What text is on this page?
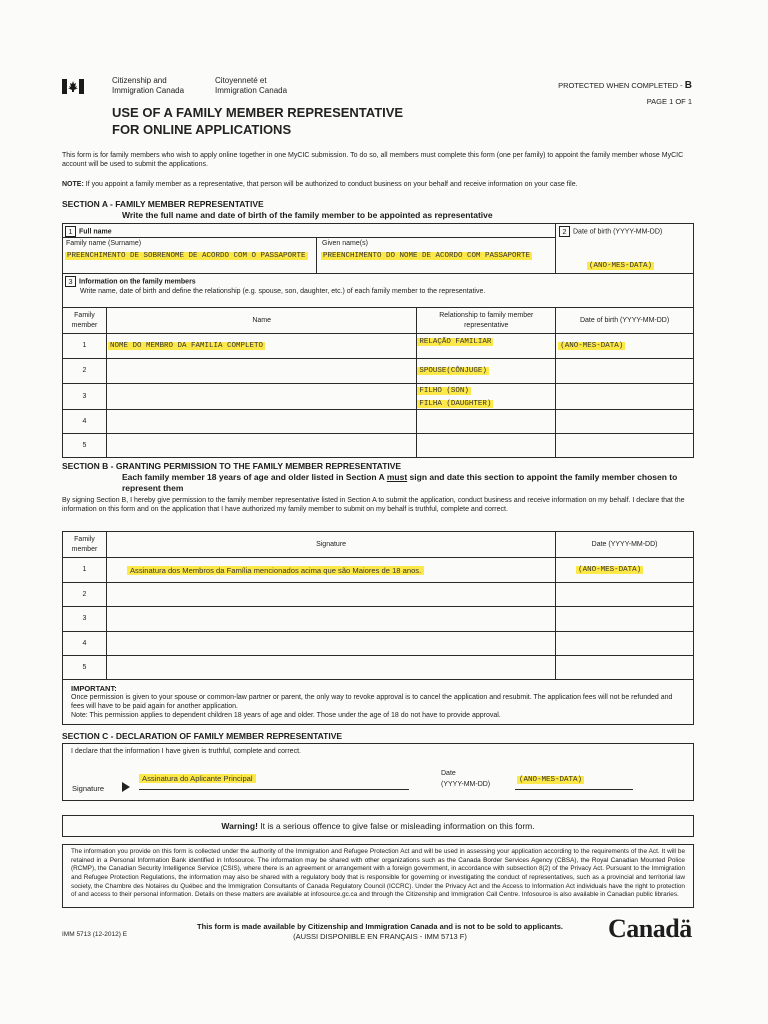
Citizenship and
Immigration Canada
Citoyenneté et
Immigration Canada
PROTECTED WHEN COMPLETED - B
PAGE 1 OF 1
USE OF A FAMILY MEMBER REPRESENTATIVE
FOR ONLINE APPLICATIONS
This form is for family members who wish to apply online together in one MyCIC submission. To do so, all members must complete this form (one per family) to appoint the family member whose MyCIC account will be used to submit the applications.
NOTE: If you appoint a family member as a representative, that person will be authorized to conduct business on your behalf and receive information on your case file.
SECTION A - FAMILY MEMBER REPRESENTATIVE
Write the full name and date of birth of the family member to be appointed as representative
1 Full name
Family name (Surname)
PREENCHIMENTO DE SOBRENOME DE ACORDO COM O PASSAPORTE
Given name(s)
PREENCHIMENTO DO NOME DE ACORDO COM PASSAPORTE
2 Date of birth (YYYY-MM-DD)
(ANO-MES-DATA)
3 Information on the family members
Write name, date of birth and define the relationship (e.g. spouse, son, daughter, etc.) of each family member to the representative.
Family member	Name	Relationship to family member representative	Date of birth (YYYY-MM-DD)
1	NOME DO MEMBRO DA FAMILIA COMPLETO	RELAÇÃO FAMILIAR	(ANO-MES-DATA)
2		SPOUSE(CÔNJUGE)	
3		FILHO (SON)
FILHA (DAUGHTER)	
4			
5			
SECTION B - GRANTING PERMISSION TO THE FAMILY MEMBER REPRESENTATIVE
Each family member 18 years of age and older listed in Section A must sign and date this section to appoint the family member chosen to represent them
By signing Section B, I hereby give permission to the family member representative listed in Section A to submit the application, conduct business and receive information on my behalf. I declare that the information on this form and on the application that I have authorized my family member to submit on my behalf is truthful, complete and correct.
Family member	Signature	Date (YYYY-MM-DD)
1	Assinatura dos Membros da Família mencionados acima que são Maiores de 18 anos.	(ANO-MES-DATA)
2		
3		
4		
5		
IMPORTANT:
Once permission is given to your spouse or common-law partner or parent, the only way to revoke approval is to cancel the application and resubmit. The application fees will not be refunded and fees will have to be paid again for another application.
Note: This permission applies to dependent children 18 years of age and older. Those under the age of 18 do not have to provide approval.
SECTION C - DECLARATION OF FAMILY MEMBER REPRESENTATIVE
I declare that the information I have given is truthful, complete and correct.
Signature
Assinatura do Aplicante Principal
Date
(YYYY-MM-DD)
(ANO-MES-DATA)
Warning! It is a serious offence to give false or misleading information on this form.
The information you provide on this form is collected under the authority of the Immigration and Refugee Protection Act and will be used in assessing your application according to the requirements of the Act. It will be retained in a Personal Information Bank identified in Infosource. The information may be shared with other organizations such as the Canada Border Services Agency (CBSA), the Royal Canadian Mounted Police (RCMP), the Canadian Security Intelligence Service (CSIS), where there is an agreement or arrangement with a foreign government, in accordance with subsection 8(2) of the Privacy Act. Pursuant to the Immigration and Refugee Protection Regulations, the information may also be shared with a regulatory body that is responsible for governing or investigating the conduct of representatives, such as a provincial and territorial law society, the Chambre des Notaires du Québec and the Immigration Consultants of Canada Regulatory Council (ICCRC). Under the Privacy Act and the Access to Information Act individuals have the right to protection of and access to their personal information. Details on these matters are available at infosource.gc.ca and through the Citizenship and Immigration Call Centre. Infosource is also available in Canadian public libraries.
IMM 5713 (12-2012) E
This form is made available by Citizenship and Immigration Canada and is not to be sold to applicants.
(AUSSI DISPONIBLE EN FRANÇAIS - IMM 5713 F)	Canadä
